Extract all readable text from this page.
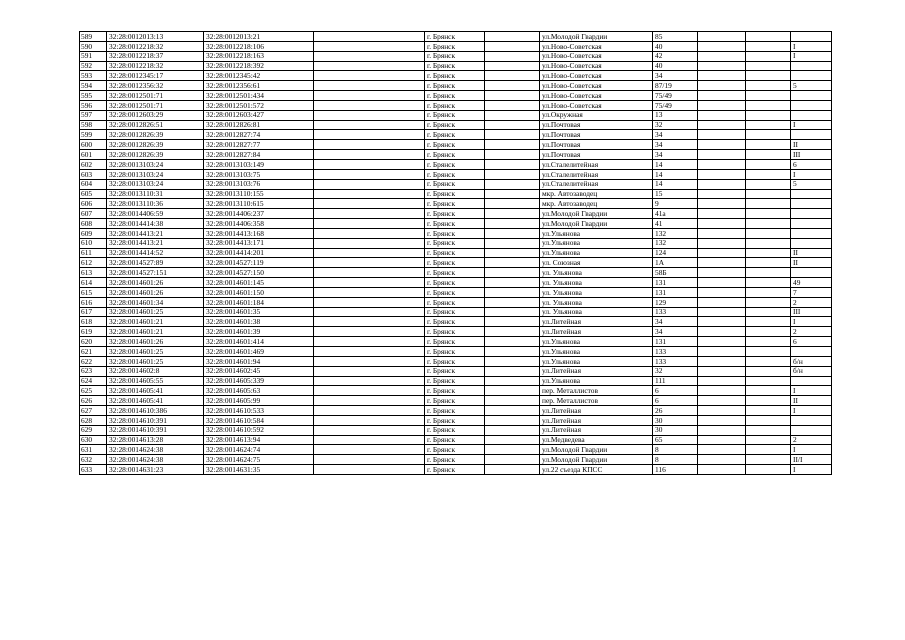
589	32:28:0012013:13	32:28:0012013:21		г. Брянск		ул.Молодой Гвардии	85			
590	32:28:0012218:32	32:28:0012218:106		г. Брянск		ул.Ново-Советская	40			I
591	32:28:0012218:37	32:28:0012218:163		г. Брянск		ул.Ново-Советская	42			I
592	32:28:0012218:32	32:28:0012218:392		г. Брянск		ул.Ново-Советская	40			
593	32:28:0012345:17	32:28:0012345:42		г. Брянск		ул.Ново-Советская	34			
594	32:28:0012356:32	32:28:0012356:61		г. Брянск		ул.Ново-Советская	87/19			5
595	32:28:0012501:71	32:28:0012501:434		г. Брянск		ул.Ново-Советская	75/49			
596	32:28:0012501:71	32:28:0012501:572		г. Брянск		ул.Ново-Советская	75/49			
597	32:28:0012603:29	32:28:0012603:427		г. Брянск		ул.Окружная	13			
598	32:28:0012826:51	32:28:0012826:81		г. Брянск		ул.Почтовая	32			I
599	32:28:0012826:39	32:28:0012827:74		г. Брянск		ул.Почтовая	34			
600	32:28:0012826:39	32:28:0012827:77		г. Брянск		ул.Почтовая	34			II
601	32:28:0012826:39	32:28:0012827:84		г. Брянск		ул.Почтовая	34			III
602	32:28:0013103:24	32:28:0013103:149		г. Брянск		ул.Сталелитейная	14			6
603	32:28:0013103:24	32:28:0013103:75		г. Брянск		ул.Сталелитейная	14			I
604	32:28:0013103:24	32:28:0013103:76		г. Брянск		ул.Сталелитейная	14			5
605	32:28:0013110:31	32:28:0013110:155		г. Брянск		мкр. Автозаводец	15			
606	32:28:0013110:36	32:28:0013110:615		г. Брянск		мкр. Автозаводец	9			
607	32:28:0014406:59	32:28:0014406:237		г. Брянск		ул.Молодой Гвардии	41а			
608	32:28:0014414:38	32:28:0014406:358		г. Брянск		ул.Молодой Гвардии	41			
609	32:28:0014413:21	32:28:0014413:168		г. Брянск		ул.Ульянова	132			
610	32:28:0014413:21	32:28:0014413:171		г. Брянск		ул.Ульянова	132			
611	32:28:0014414:52	32:28:0014414:201		г. Брянск		ул.Ульянова	124			II
612	32:28:0014527:89	32:28:0014527:119		г. Брянск		ул. Союзная	1А			II
613	32:28:0014527:151	32:28:0014527:150		г. Брянск		ул. Ульянова	58Б			
614	32:28:0014601:26	32:28:0014601:145		г. Брянск		ул. Ульянова	131			49
615	32:28:0014601:26	32:28:0014601:150		г. Брянск		ул. Ульянова	131			7
616	32:28:0014601:34	32:28:0014601:184		г. Брянск		ул. Ульянова	129			2
617	32:28:0014601:25	32:28:0014601:35		г. Брянск		ул. Ульянова	133			III
618	32:28:0014601:21	32:28:0014601:38		г. Брянск		ул.Литейная	34			I
619	32:28:0014601:21	32:28:0014601:39		г. Брянск		ул.Литейная	34			2
620	32:28:0014601:26	32:28:0014601:414		г. Брянск		ул.Ульянова	131			6
621	32:28:0014601:25	32:28:0014601:469		г. Брянск		ул.Ульянова	133			
622	32:28:0014601:25	32:28:0014601:94		г. Брянск		ул.Ульянова	133			б/н
623	32:28:0014602:8	32:28:0014602:45		г. Брянск		ул.Литейная	32			б/н
624	32:28:0014605:55	32:28:0014605:339		г. Брянск		ул.Ульянова	111			
625	32:28:0014605:41	32:28:0014605:63		г. Брянск		пер. Металлистов	6			I
626	32:28:0014605:41	32:28:0014605:99		г. Брянск		пер. Металлистов	6			II
627	32:28:0014610:386	32:28:0014610:533		г. Брянск		ул.Литейная	26			I
628	32:28:0014610:391	32:28:0014610:584		г. Брянск		ул.Литейная	30			
629	32:28:0014610:391	32:28:0014610:592		г. Брянск		ул.Литейная	30			
630	32:28:0014613:28	32:28:0014613:94		г. Брянск		ул.Медведева	65			2
631	32:28:0014624:38	32:28:0014624:74		г. Брянск		ул.Молодой Гвардии	8			I
632	32:28:0014624:38	32:28:0014624:75		г. Брянск		ул.Молодой Гвардии	8			II/I
633	32:28:0014631:23	32:28:0014631:35		г. Брянск		ул.22 съезда КПСС	116			I
